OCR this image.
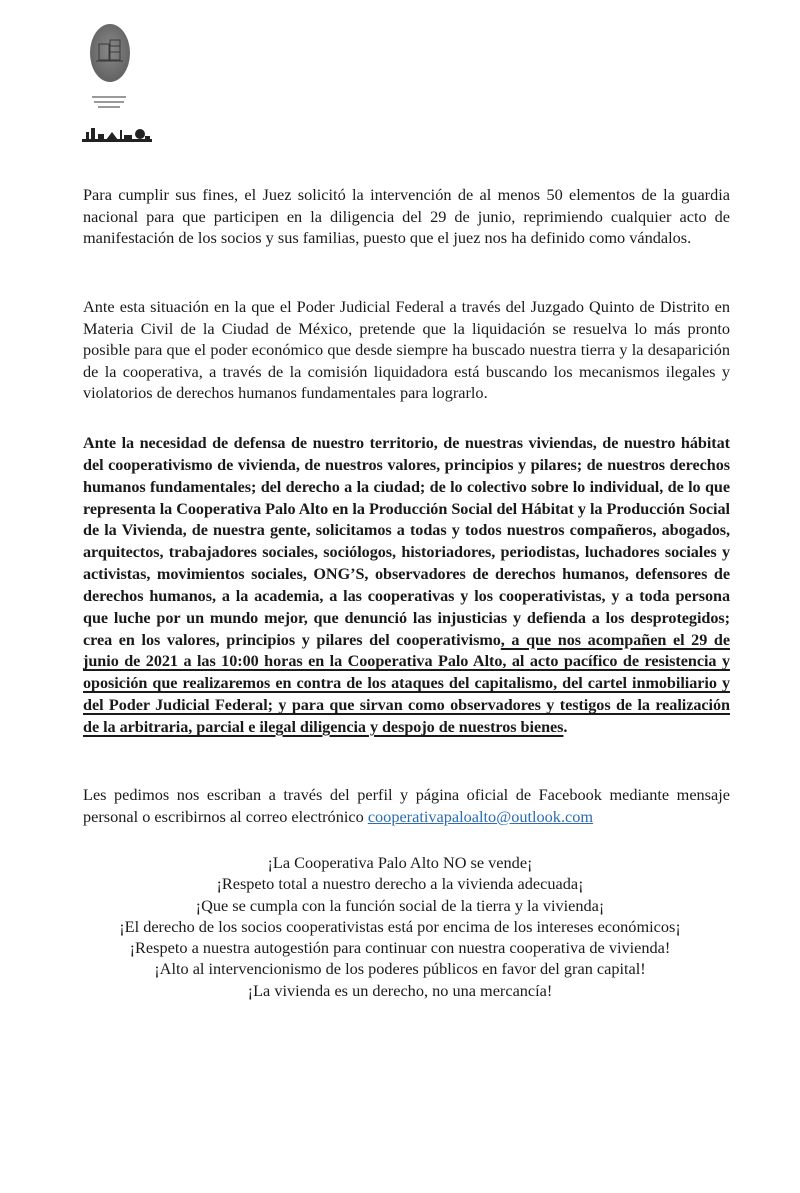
Para cumplir sus fines, el Juez solicitó la intervención de al menos 50 elementos de la guardia nacional para que participen en la diligencia del 29 de junio, reprimiendo cualquier acto de manifestación de los socios y sus familias, puesto que el juez nos ha definido como vándalos.

Ante esta situación en la que el Poder Judicial Federal a través del Juzgado Quinto de Distrito en Materia Civil de la Ciudad de México, pretende que la liquidación se resuelva lo más pronto posible para que el poder económico que desde siempre ha buscado nuestra tierra y la desaparición de la cooperativa, a través de la comisión liquidadora está buscando los mecanismos ilegales y violatorios de derechos humanos fundamentales para lograrlo.

Ante la necesidad de defensa de nuestro territorio, de nuestras viviendas, de nuestro hábitat del cooperativismo de vivienda, de nuestros valores, principios y pilares; de nuestros derechos humanos fundamentales; del derecho a la ciudad; de lo colectivo sobre lo individual, de lo que representa la Cooperativa Palo Alto en la Producción Social del Hábitat y la Producción Social de la Vivienda, de nuestra gente, solicitamos a todas y todos nuestros compañeros, abogados, arquitectos, trabajadores sociales, sociólogos, historiadores, periodistas, luchadores sociales y activistas, movimientos sociales, ONG’S, observadores de derechos humanos, defensores de derechos humanos, a la academia, a las cooperativas y los cooperativistas, y a toda persona que luche por un mundo mejor, que denunció las injusticias y defienda a los desprotegidos; crea en los valores, principios y pilares del cooperativismo, a que nos acompañen el 29 de junio de 2021 a las 10:00 horas en la Cooperativa Palo Alto, al acto pacífico de resistencia y oposición que realizaremos en contra de los ataques del capitalismo, del cartel inmobiliario y del Poder Judicial Federal; y para que sirvan como observadores y testigos de la realización de la arbitraria, parcial e ilegal diligencia y despojo de nuestros bienes.

Les pedimos nos escriban a través del perfil y página oficial de Facebook mediante mensaje personal o escribirnos al correo electrónico cooperativapaloalto@outlook.com

¡La Cooperativa Palo Alto NO se vende¡
¡Respeto total a nuestro derecho a la vivienda adecuada¡
¡Que se cumpla con la función social de la tierra y la vivienda¡
¡El derecho de los socios cooperativistas está por encima de los intereses económicos¡
¡Respeto a nuestra autogestión para continuar con nuestra cooperativa de vivienda!
¡Alto al intervencionismo de los poderes públicos en favor del gran capital!
¡La vivienda es un derecho, no una mercancía!
